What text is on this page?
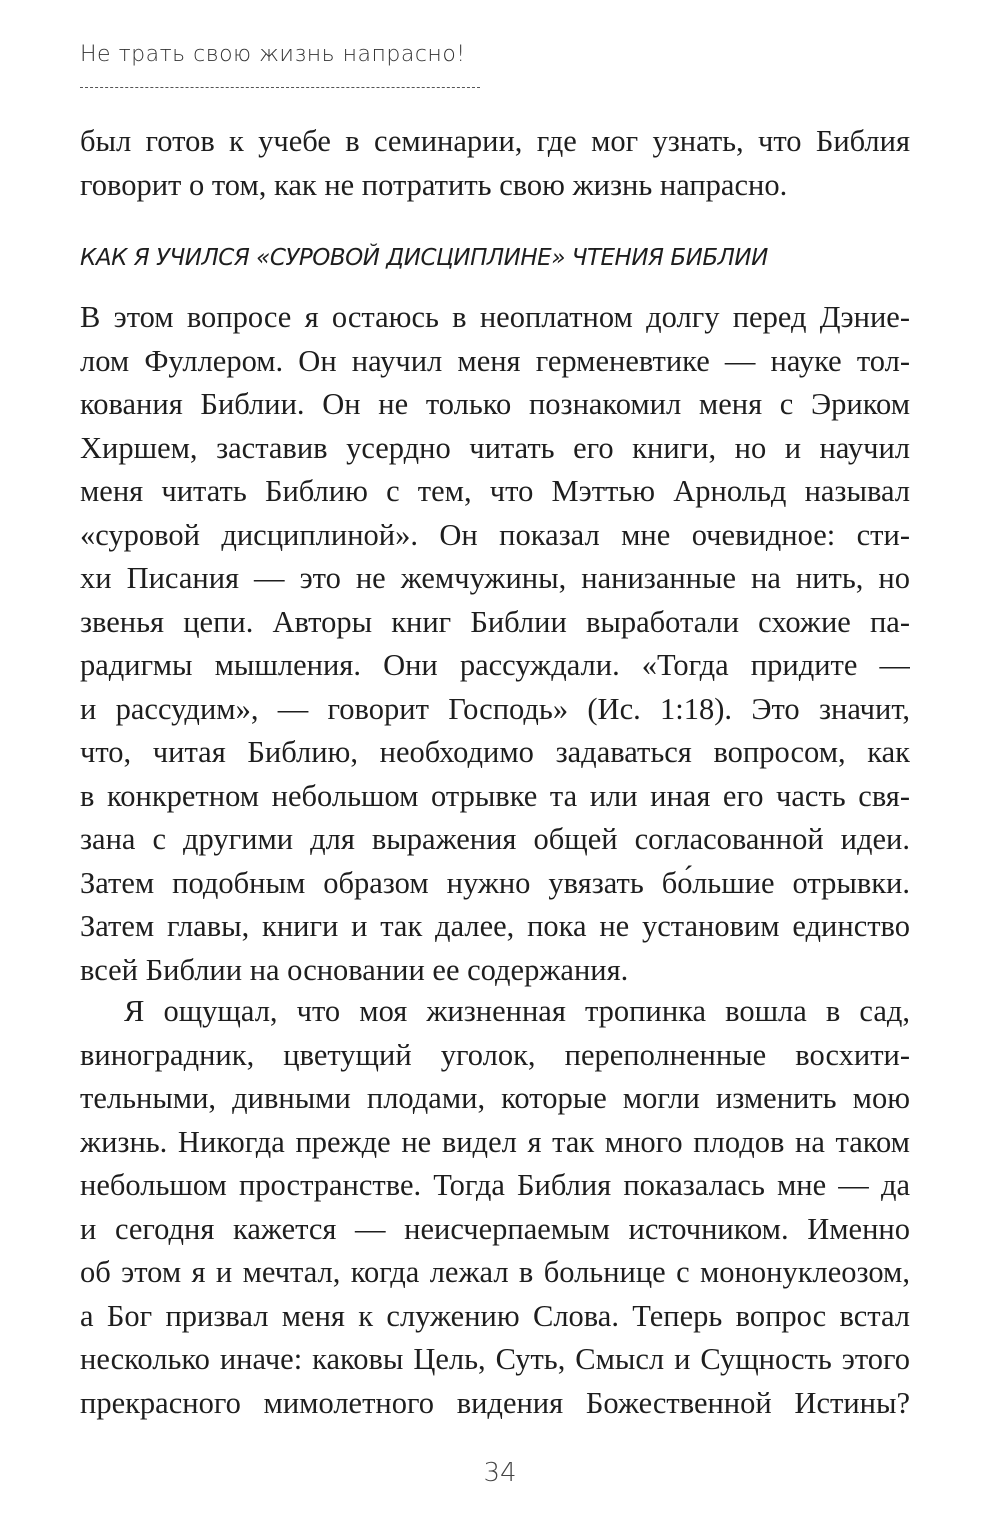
Не трать свою жизнь напрасно!
был готов к учебе в семинарии, где мог узнать, что Библия
говорит о том, как не потратить свою жизнь напрасно.
КАК Я УЧИЛСЯ «СУРОВОЙ ДИСЦИПЛИНЕ» ЧТЕНИЯ БИБЛИИ
В этом вопросе я остаюсь в неоплатном долгу перед Дэние-
лом Фуллером. Он научил меня герменевтике — науке тол-
кования Библии. Он не только познакомил меня с Эриком
Хиршем, заставив усердно читать его книги, но и научил
меня читать Библию с тем, что Мэттью Арнольд называл
«суровой дисциплиной». Он показал мне очевидное: сти-
хи Писания — это не жемчужины, нанизанные на нить, но
звенья цепи. Авторы книг Библии выработали схожие па-
радигмы мышления. Они рассуждали. «Тогда придите —
и рассудим», — говорит Господь» (Ис. 1:18). Это значит,
что, читая Библию, необходимо задаваться вопросом, как
в конкретном небольшом отрывке та или иная его часть свя-
зана с другими для выражения общей согласованной идеи.
Затем подобным образом нужно увязать бо́льшие отрывки.
Затем главы, книги и так далее, пока не установим единство
всей Библии на основании ее содержания.
Я ощущал, что моя жизненная тропинка вошла в сад,
виноградник, цветущий уголок, переполненные восхити-
тельными, дивными плодами, которые могли изменить мою
жизнь. Никогда прежде не видел я так много плодов на таком
небольшом пространстве. Тогда Библия показалась мне — да
и сегодня кажется — неисчерпаемым источником. Именно
об этом я и мечтал, когда лежал в больнице с мононуклеозом,
а Бог призвал меня к служению Слова. Теперь вопрос встал
несколько иначе: каковы Цель, Суть, Смысл и Сущность этого
прекрасного мимолетного видения Божественной Истины?
34
